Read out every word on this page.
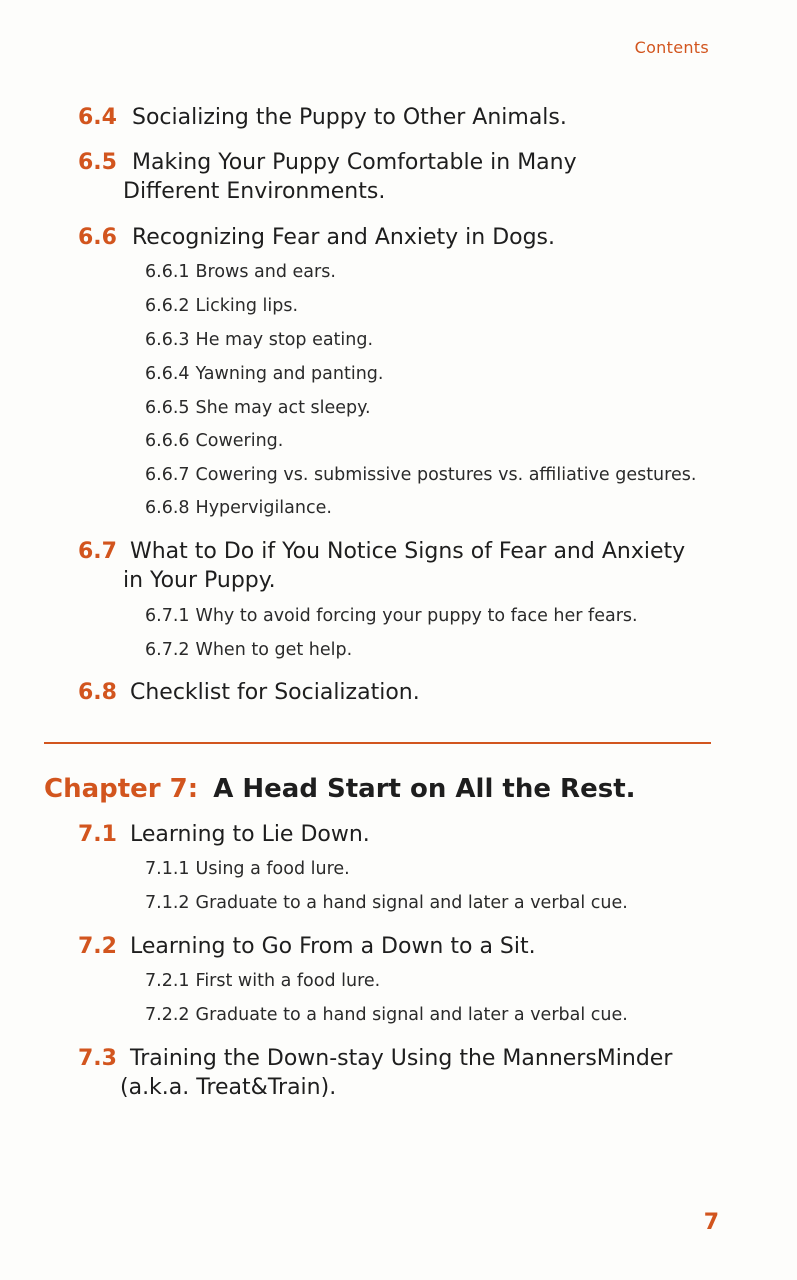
Contents
6.4 Socializing the Puppy to Other Animals.
6.5 Making Your Puppy Comfortable in Many
Different Environments.
6.6 Recognizing Fear and Anxiety in Dogs.
6.6.1 Brows and ears.
6.6.2 Licking lips.
6.6.3 He may stop eating.
6.6.4 Yawning and panting.
6.6.5 She may act sleepy.
6.6.6 Cowering.
6.6.7 Cowering vs. submissive postures vs. affiliative gestures.
6.6.8 Hypervigilance.
6.7 What to Do if You Notice Signs of Fear and Anxiety
in Your Puppy.
6.7.1 Why to avoid forcing your puppy to face her fears.
6.7.2 When to get help.
6.8 Checklist for Socialization.
Chapter 7: A Head Start on All the Rest.
7.1 Learning to Lie Down.
7.1.1 Using a food lure.
7.1.2 Graduate to a hand signal and later a verbal cue.
7.2 Learning to Go From a Down to a Sit.
7.2.1 First with a food lure.
7.2.2 Graduate to a hand signal and later a verbal cue.
7.3 Training the Down-stay Using the MannersMinder
(a.k.a. Treat&Train).
7
